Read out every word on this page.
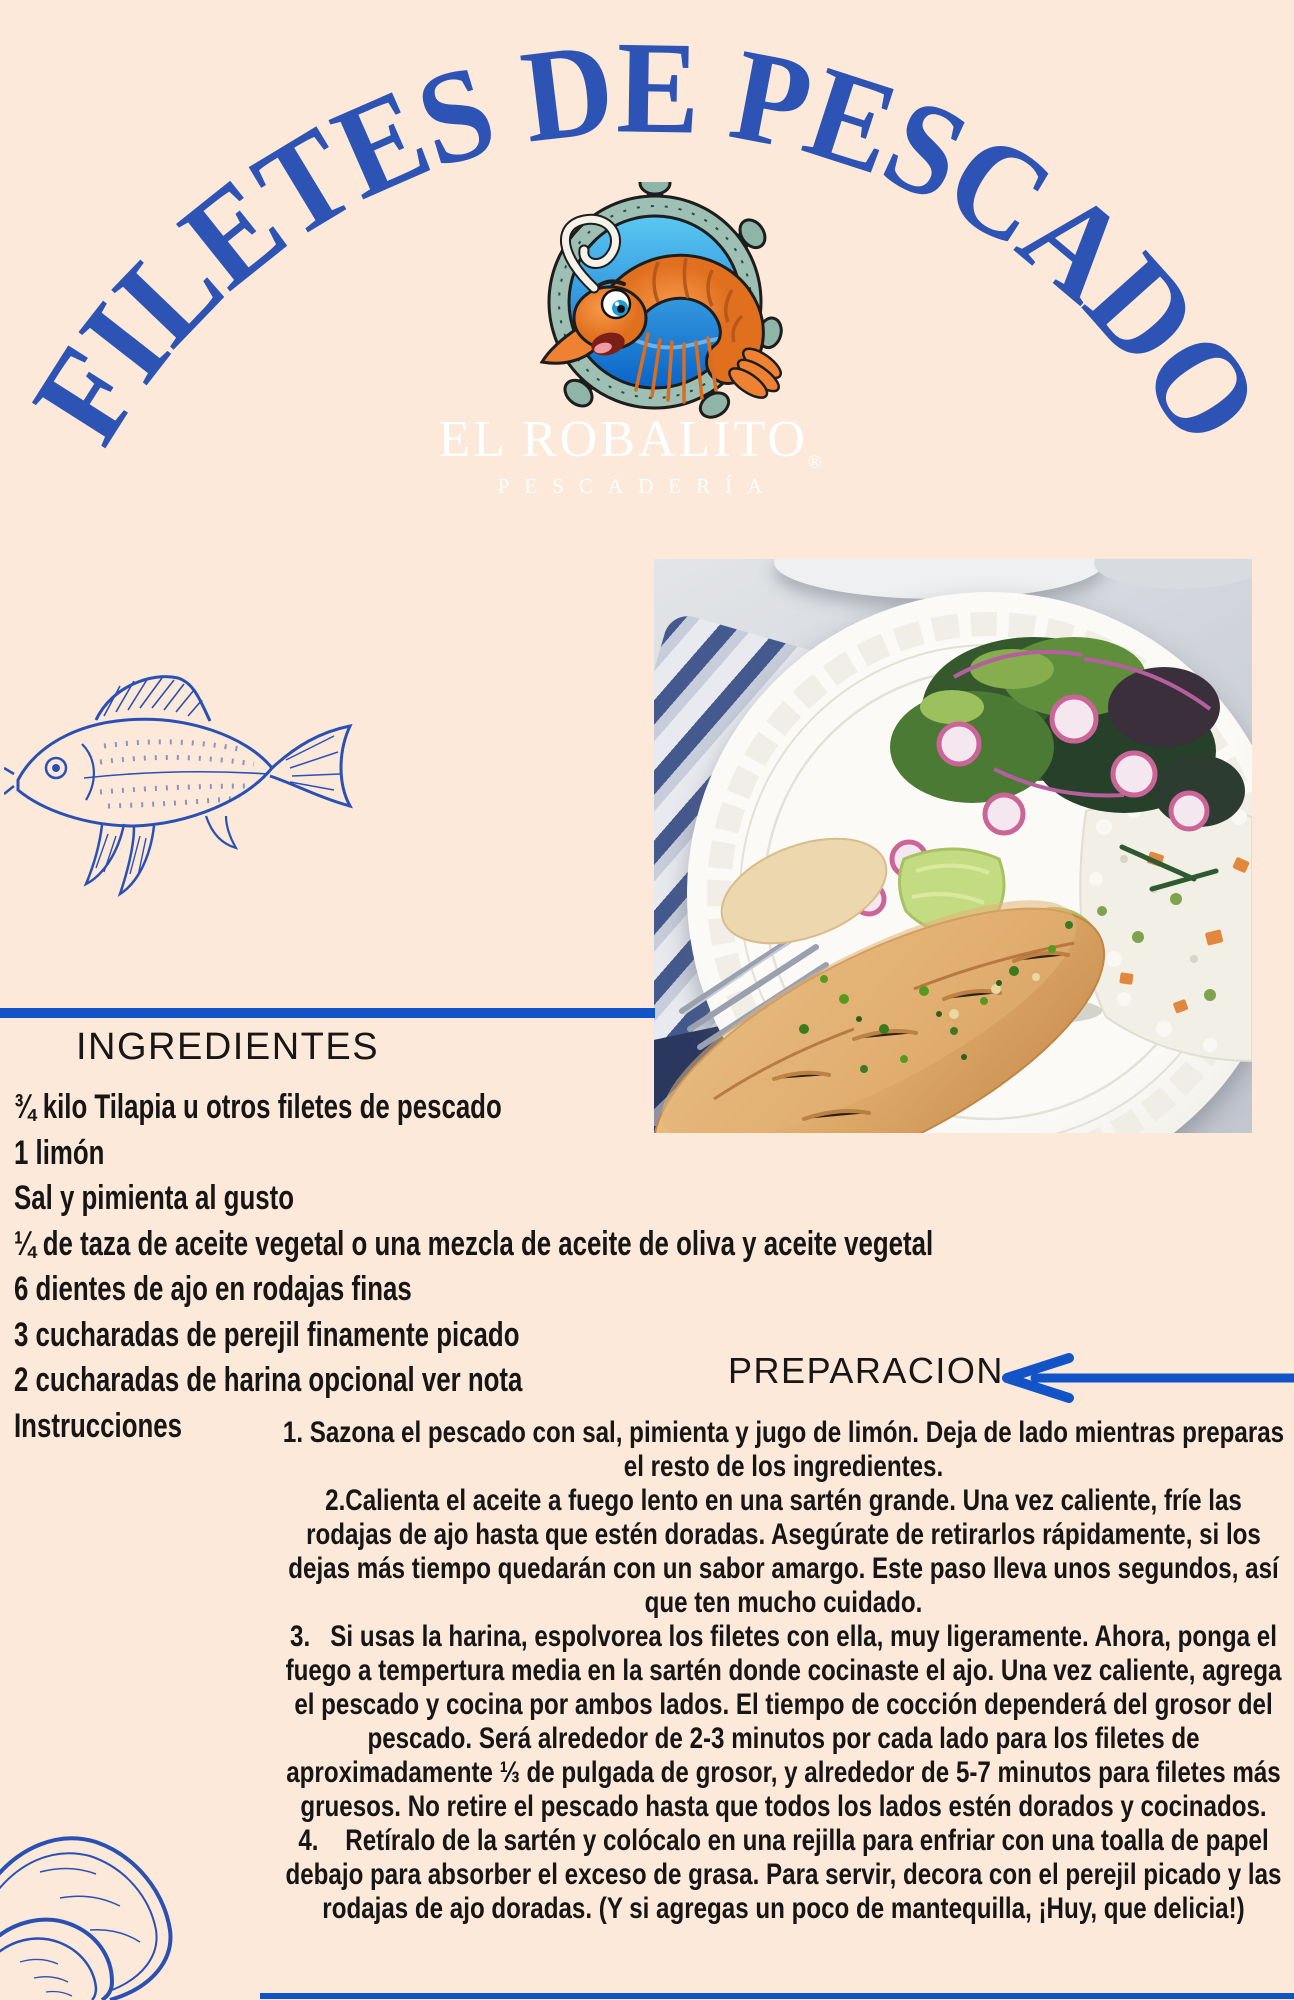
FILETES DE PESCADO
EL $ROBALITO_®$
PESCADERÍA
INGREDIENTES
¾ kilo Tilapia u otros filetes de pescado
1 limón
Sal y pimienta al gusto
¼ de taza de aceite vegetal o una mezcla de aceite de oliva y aceite vegetal
6 dientes de ajo en rodajas finas
3 cucharadas de perejil finamente picado
2 cucharadas de harina opcional ver nota
Instrucciones
PREPARACION

1. Sazona el pescado con sal, pimienta y jugo de limón. Deja de lado mientras preparas el resto de los ingredientes.

2.Calienta el aceite a fuego lento en una sartén grande. Una vez caliente, fríe las rodajas de ajo hasta que estén doradas. Asegúrate de retirarlos rápidamente, si los dejas más tiempo quedarán con un sabor amargo. Este paso lleva unos segundos, así que ten mucho cuidado.

3.   Si usas la harina, espolvorea los filetes con ella, muy ligeramente. Ahora, ponga el fuego a tempertura media en la sartén donde cocinaste el ajo. Una vez caliente, agrega el pescado y cocina por ambos lados. El tiempo de cocción dependerá del grosor del pescado. Será alrededor de 2-3 minutos por cada lado para los filetes de aproximadamente ⅓ de pulgada de grosor, y alrededor de 5-7 minutos para filetes más gruesos. No retire el pescado hasta que todos los lados estén dorados y cocinados.

4.    Retíralo de la sartén y colócalo en una rejilla para enfriar con una toalla de papel debajo para absorber el exceso de grasa. Para servir, decora con el perejil picado y las rodajas de ajo doradas. (Y si agregas un poco de mantequilla, ¡Huy, que delicia!)
